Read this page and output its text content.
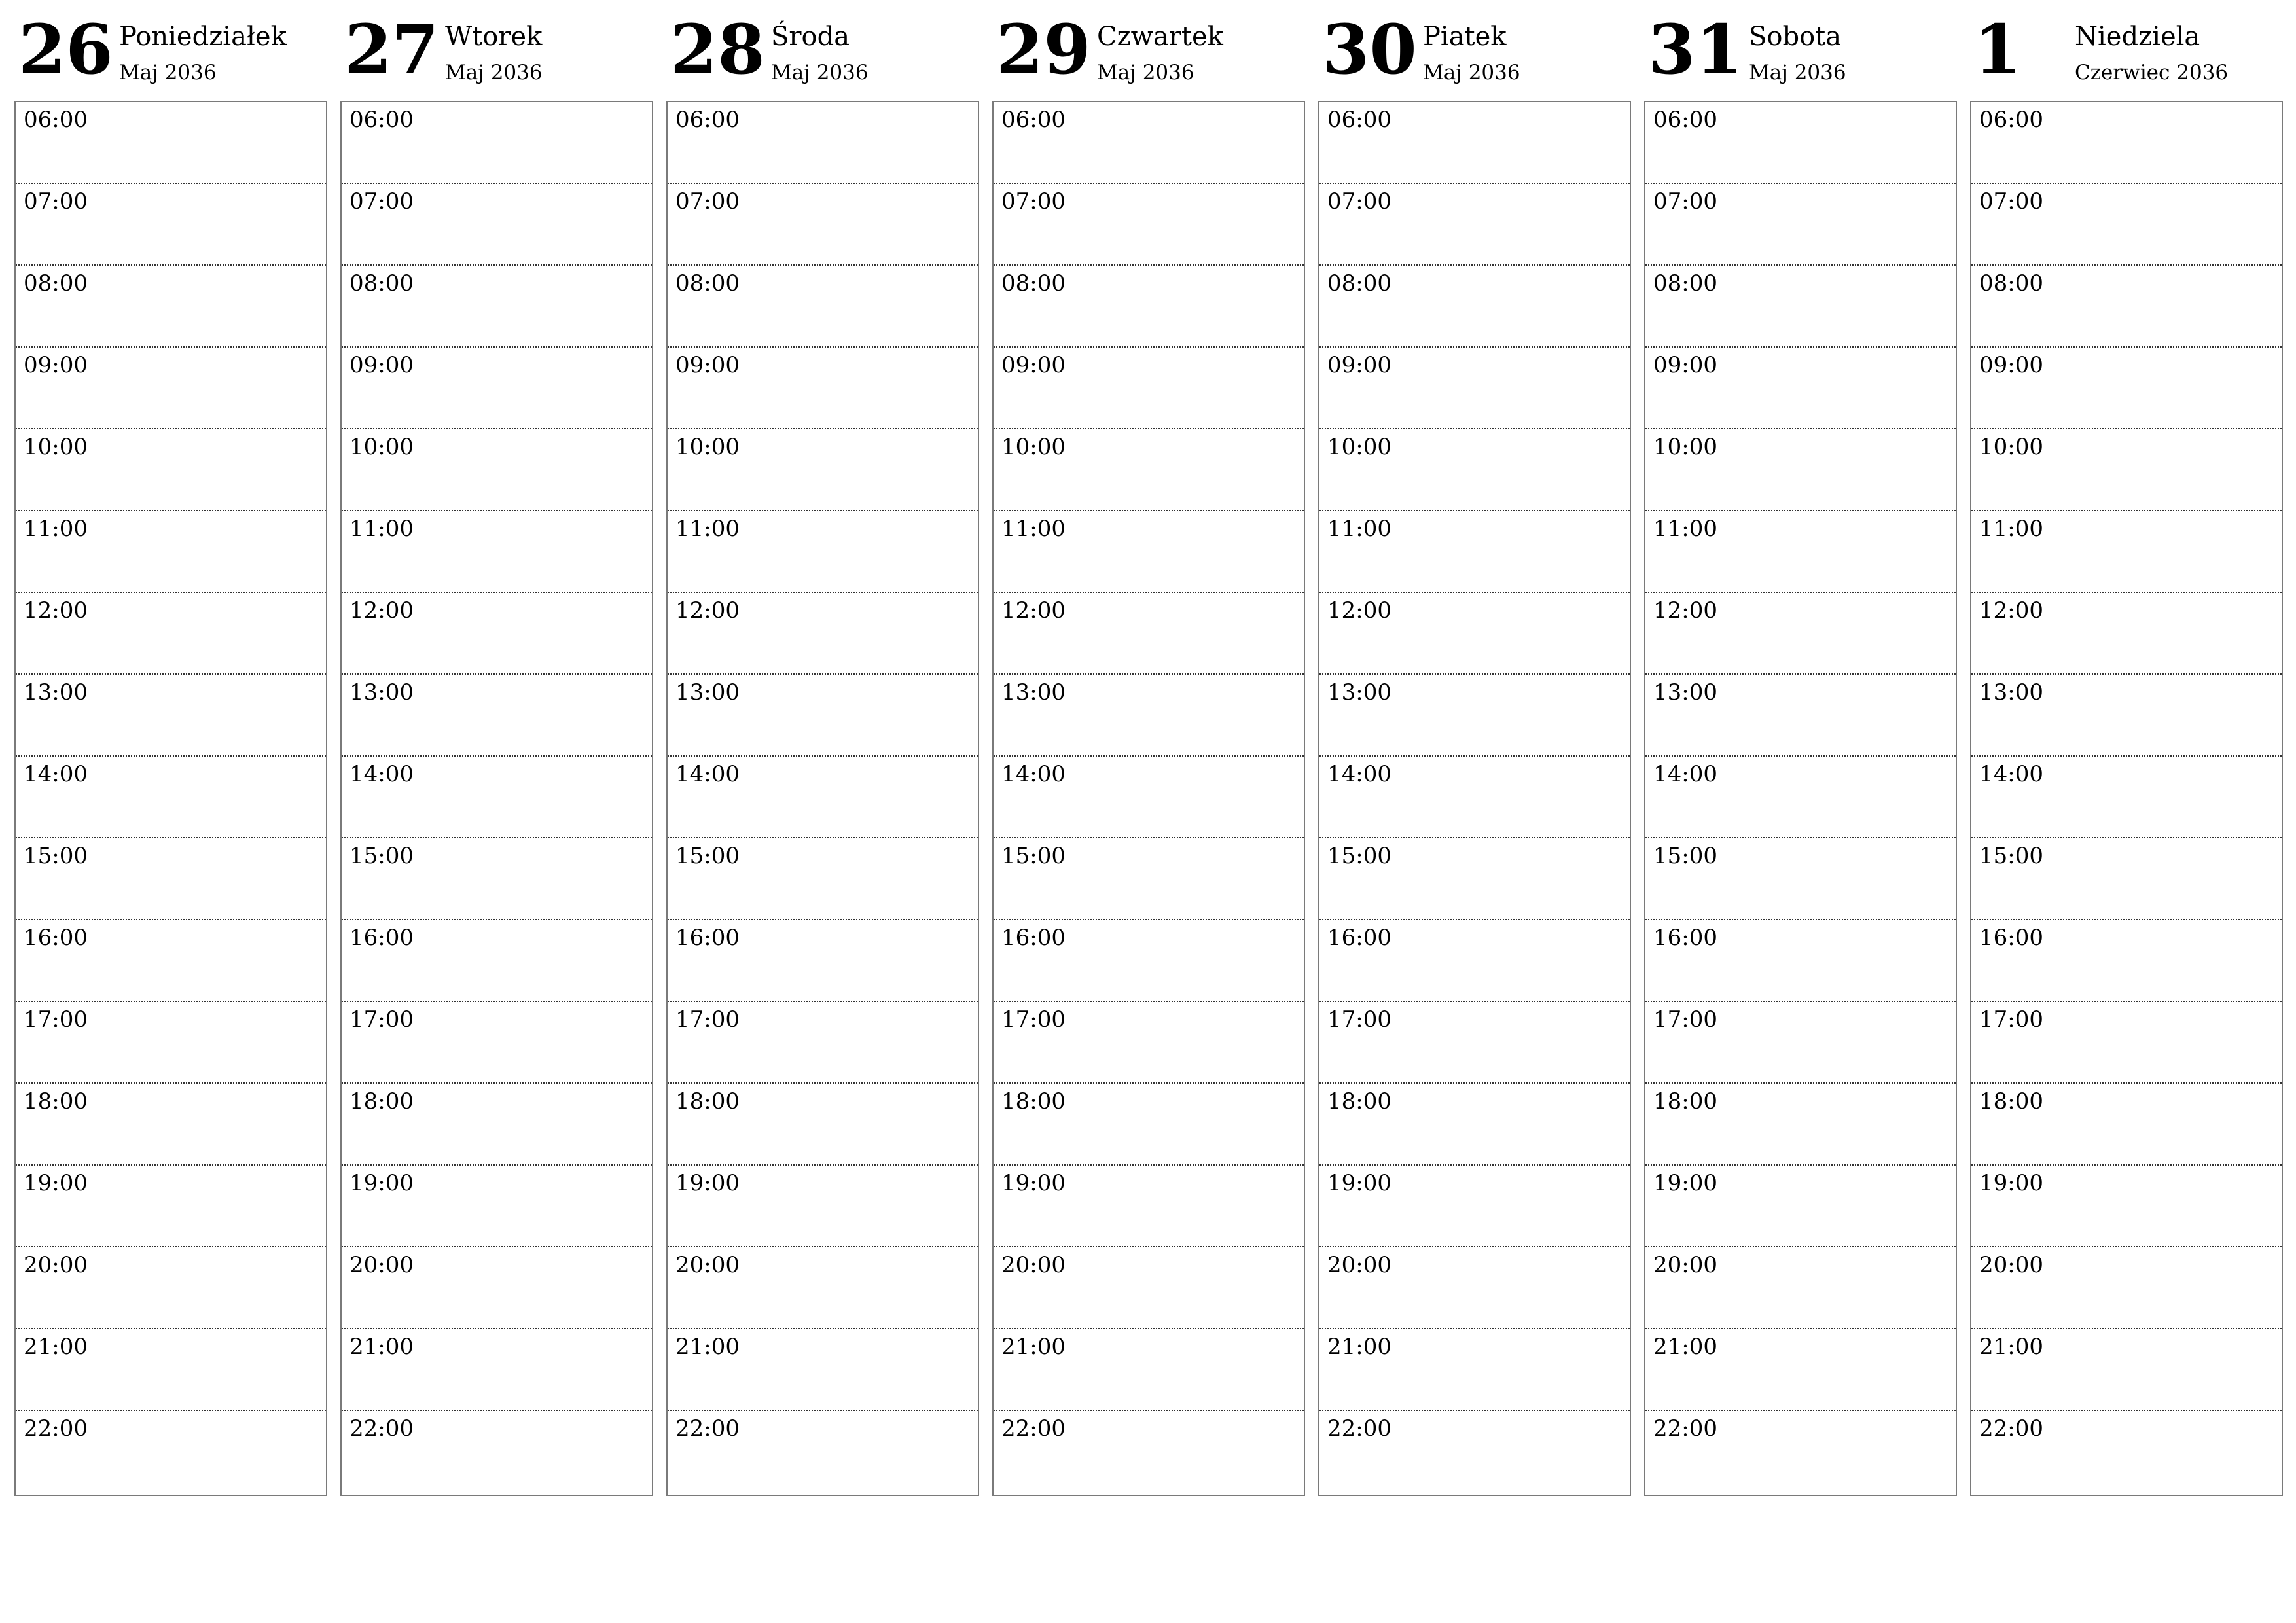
26 Poniedziałek
Maj 2036
06:00
07:00
08:00
09:00
10:00
11:00
12:00
13:00
14:00
15:00
16:00
17:00
18:00
19:00
20:00
21:00
22:00
27 Wtorek
Maj 2036
06:00
07:00
08:00
09:00
10:00
11:00
12:00
13:00
14:00
15:00
16:00
17:00
18:00
19:00
20:00
21:00
22:00
28 Środa
Maj 2036
06:00
07:00
08:00
09:00
10:00
11:00
12:00
13:00
14:00
15:00
16:00
17:00
18:00
19:00
20:00
21:00
22:00
29 Czwartek
Maj 2036
06:00
07:00
08:00
09:00
10:00
11:00
12:00
13:00
14:00
15:00
16:00
17:00
18:00
19:00
20:00
21:00
22:00
30 Piatek
Maj 2036
06:00
07:00
08:00
09:00
10:00
11:00
12:00
13:00
14:00
15:00
16:00
17:00
18:00
19:00
20:00
21:00
22:00
31 Sobota
Maj 2036
06:00
07:00
08:00
09:00
10:00
11:00
12:00
13:00
14:00
15:00
16:00
17:00
18:00
19:00
20:00
21:00
22:00
1 Niedziela
Czerwiec 2036
06:00
07:00
08:00
09:00
10:00
11:00
12:00
13:00
14:00
15:00
16:00
17:00
18:00
19:00
20:00
21:00
22:00
